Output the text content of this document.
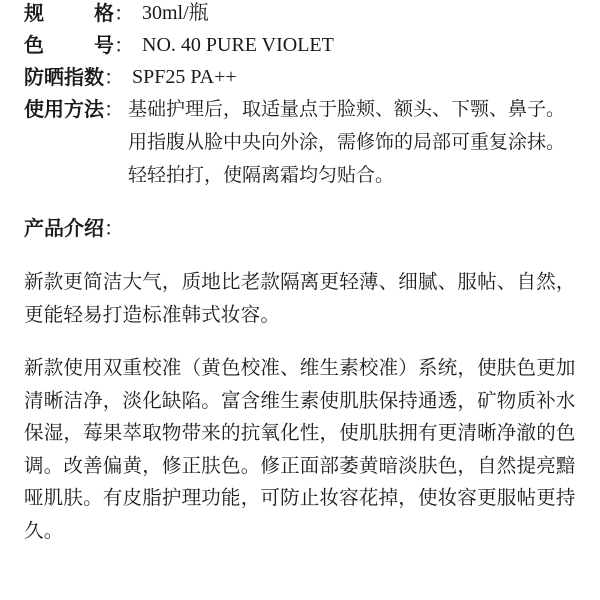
规	格 ： 30ml/瓶
色	号 ： NO. 40 PURE VIOLET
防晒指数 ： SPF25 PA++
使用方法 ： 基础护理后，取适量点于脸颊、额头、下颚、鼻子。用指腹从脸中央向外涂，需修饰的局部可重复涂抹。轻轻拍打，使隔离霜均匀贴合。
产品介绍：
新款更简洁大气，质地比老款隔离更轻薄、细腻、服帖、自然，更能轻易打造标准韩式妆容。
新款使用双重校准（黄色校准、维生素校准）系统，使肤色更加清晰洁净，淡化缺陷。富含维生素使肌肤保持通透，矿物质补水保湿，莓果萃取物带来的抗氧化性，使肌肤拥有更清晰净澈的色调。改善偏黄，修正肤色。修正面部萎黄暗淡肤色，自然提亮黯哑肌肤。有皮脂护理功能，可防止妆容花掉，使妆容更服帖更持久。
